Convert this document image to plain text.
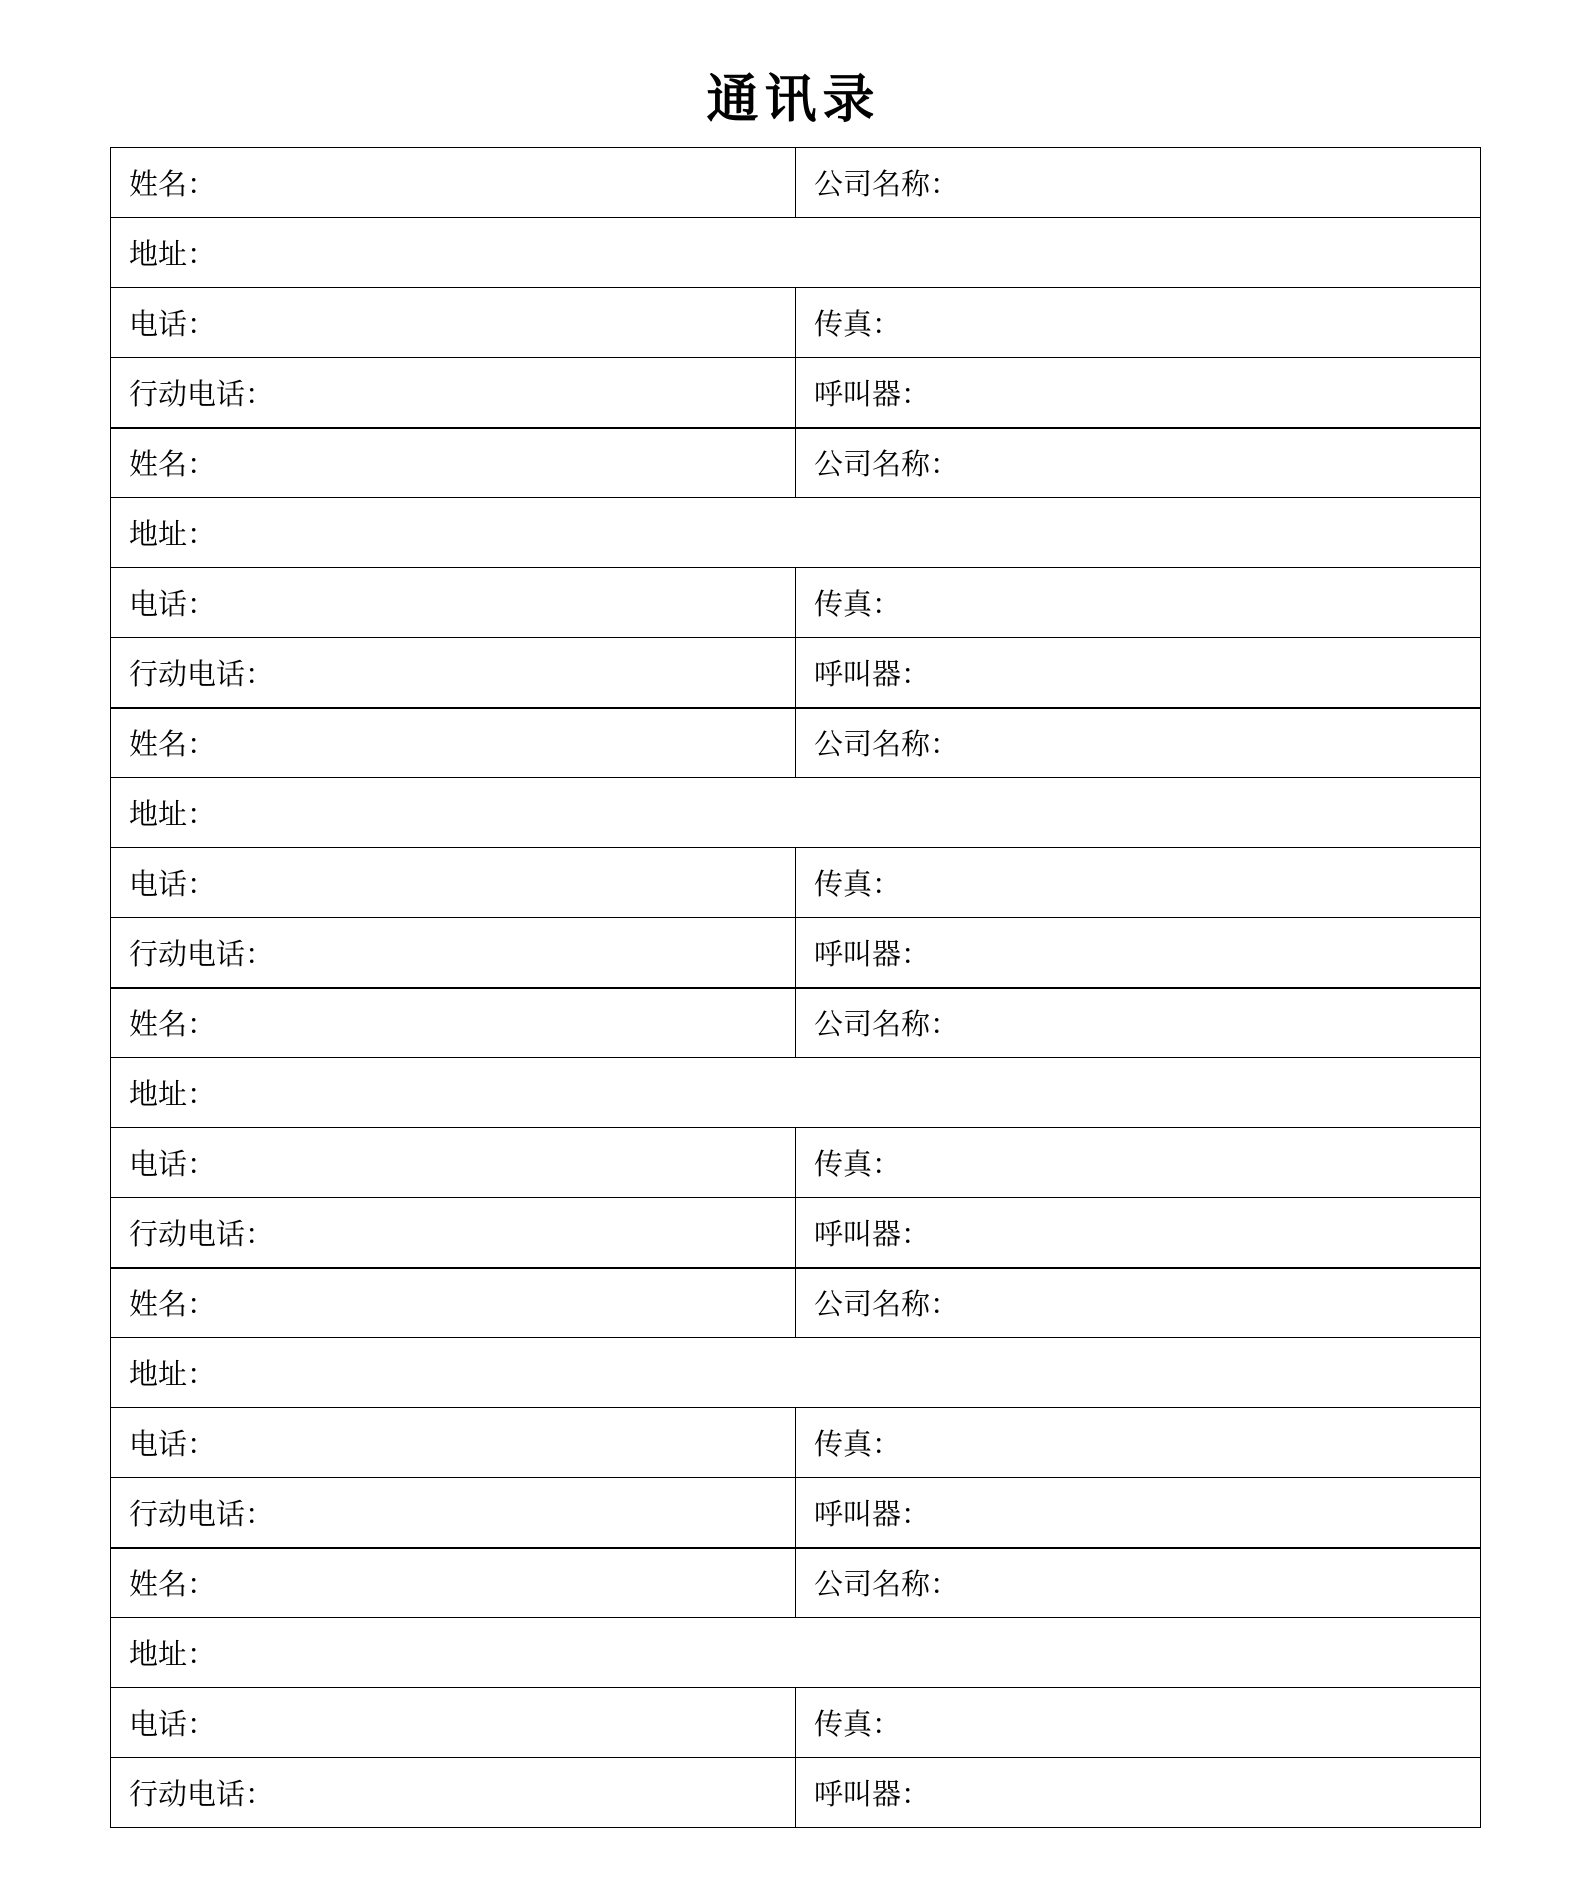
通讯录
姓名：	公司名称：
地址：	
电话：	传真：
行动电话：	呼叫器：
姓名：	公司名称：
地址：	
电话：	传真：
行动电话：	呼叫器：
姓名：	公司名称：
地址：	
电话：	传真：
行动电话：	呼叫器：
姓名：	公司名称：
地址：	
电话：	传真：
行动电话：	呼叫器：
姓名：	公司名称：
地址：	
电话：	传真：
行动电话：	呼叫器：
姓名：	公司名称：
地址：	
电话：	传真：
行动电话：	呼叫器：
